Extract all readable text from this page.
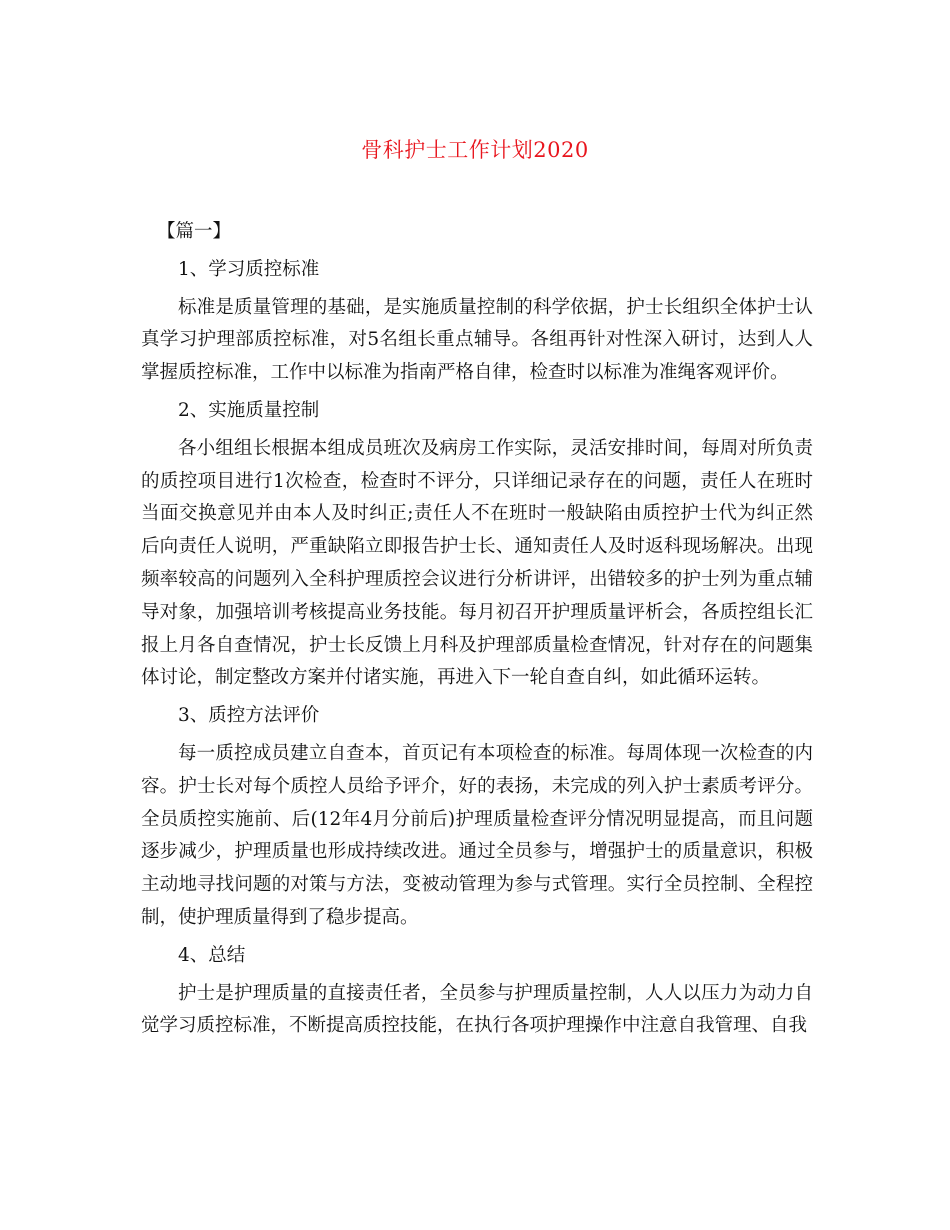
骨科护士工作计划2020

【篇一】

1、学习质控标准

标准是质量管理的基础，是实施质量控制的科学依据，护士长组织全体护士认真学习护理部质控标准，对5名组长重点辅导。各组再针对性深入研讨，达到人人掌握质控标准，工作中以标准为指南严格自律，检查时以标准为准绳客观评价。

2、实施质量控制

各小组组长根据本组成员班次及病房工作实际，灵活安排时间，每周对所负责的质控项目进行1次检查，检查时不评分，只详细记录存在的问题，责任人在班时当面交换意见并由本人及时纠正;责任人不在班时一般缺陷由质控护士代为纠正然后向责任人说明，严重缺陷立即报告护士长、通知责任人及时返科现场解决。出现频率较高的问题列入全科护理质控会议进行分析讲评，出错较多的护士列为重点辅导对象，加强培训考核提高业务技能。每月初召开护理质量评析会，各质控组长汇报上月各自查情况，护士长反馈上月科及护理部质量检查情况，针对存在的问题集体讨论，制定整改方案并付诸实施，再进入下一轮自查自纠，如此循环运转。

3、质控方法评价

每一质控成员建立自查本，首页记有本项检查的标准。每周体现一次检查的内容。护士长对每个质控人员给予评介，好的表扬，未完成的列入护士素质考评分。全员质控实施前、后(12年4月分前后)护理质量检查评分情况明显提高，而且问题逐步减少，护理质量也形成持续改进。通过全员参与，增强护士的质量意识，积极主动地寻找问题的对策与方法，变被动管理为参与式管理。实行全员控制、全程控制，使护理质量得到了稳步提高。

4、总结

护士是护理质量的直接责任者，全员参与护理质量控制，人人以压力为动力自觉学习质控标准，不断提高质控技能，在执行各项护理操作中注意自我管理、自我
